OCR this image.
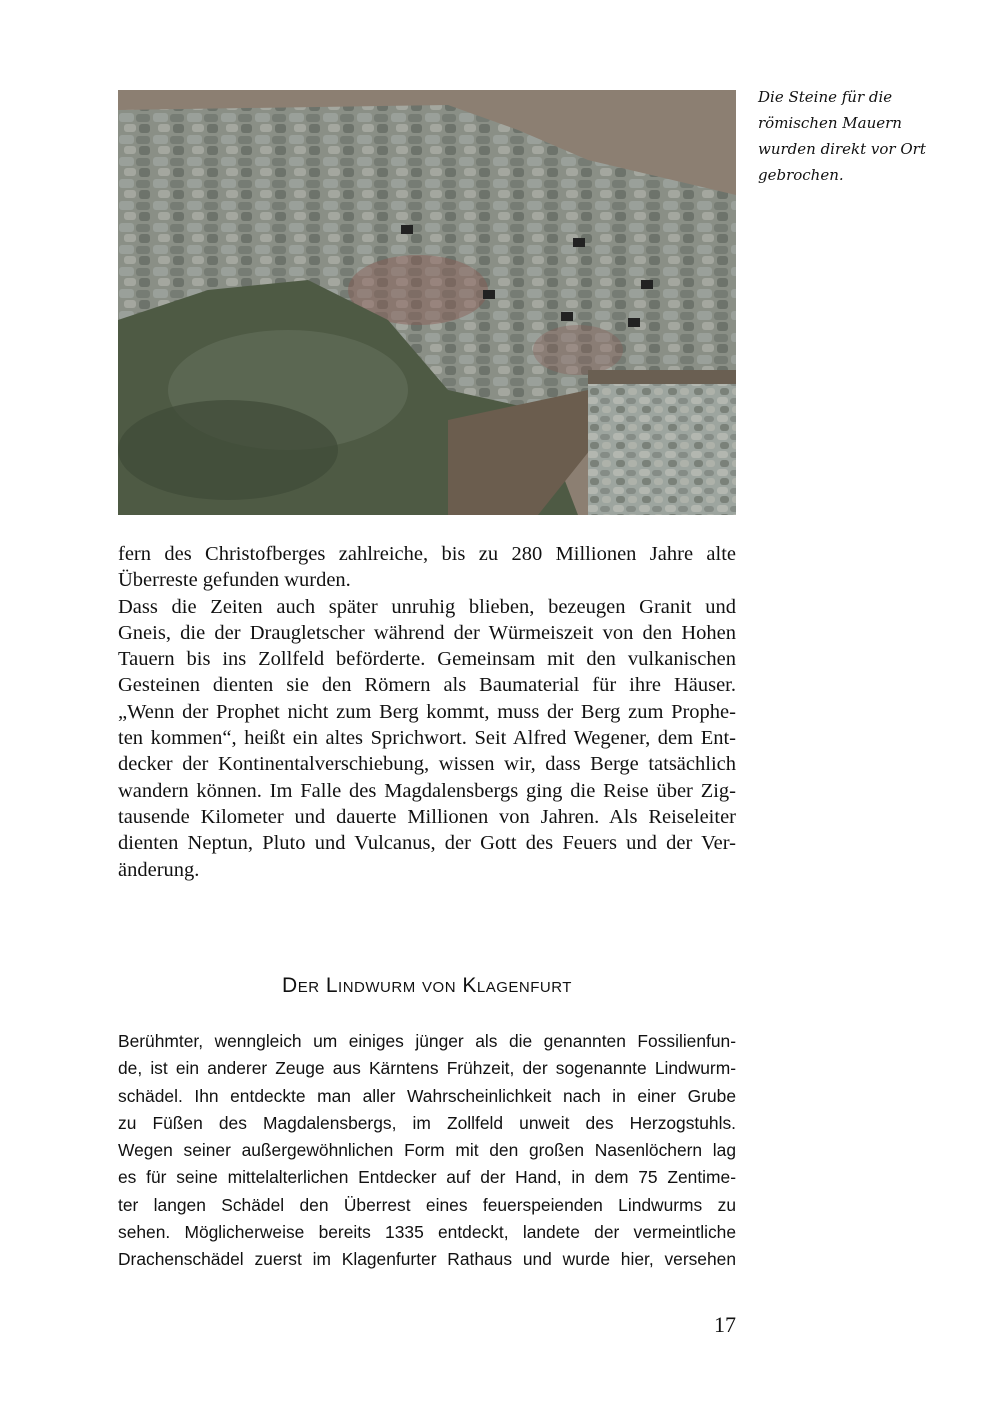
Die Steine für die
römischen Mauern
wurden direkt vor Ort
gebrochen.
fern des Christofberges zahlreiche, bis zu 280 Millionen Jahre alte
Überreste gefunden wurden.
Dass die Zeiten auch später unruhig blieben, bezeugen Granit und
Gneis, die der Draugletscher während der Würmeiszeit von den Hohen
Tauern bis ins Zollfeld beförderte. Gemeinsam mit den vulkanischen
Gesteinen dienten sie den Römern als Baumaterial für ihre Häuser.
„Wenn der Prophet nicht zum Berg kommt, muss der Berg zum Prophe-
ten kommen“, heißt ein altes Sprichwort. Seit Alfred Wegener, dem Ent-
decker der Kontinentalverschiebung, wissen wir, dass Berge tatsächlich
wandern können. Im Falle des Magdalensbergs ging die Reise über Zig-
tausende Kilometer und dauerte Millionen von Jahren. Als Reiseleiter
dienten Neptun, Pluto und Vulcanus, der Gott des Feuers und der Ver-
änderung.
Der Lindwurm von Klagenfurt
Berühmter, wenngleich um einiges jünger als die genannten Fossilienfun-
de, ist ein anderer Zeuge aus Kärntens Frühzeit, der sogenannte Lindwurm-
schädel. Ihn entdeckte man aller Wahrscheinlichkeit nach in einer Grube
zu Füßen des Magdalensbergs, im Zollfeld unweit des Herzogstuhls.
Wegen seiner außergewöhnlichen Form mit den großen Nasenlöchern lag
es für seine mittelalterlichen Entdecker auf der Hand, in dem 75 Zentime-
ter langen Schädel den Überrest eines feuerspeienden Lindwurms zu
sehen. Möglicherweise bereits 1335 entdeckt, landete der vermeintliche
Drachenschädel zuerst im Klagenfurter Rathaus und wurde hier, versehen
17
